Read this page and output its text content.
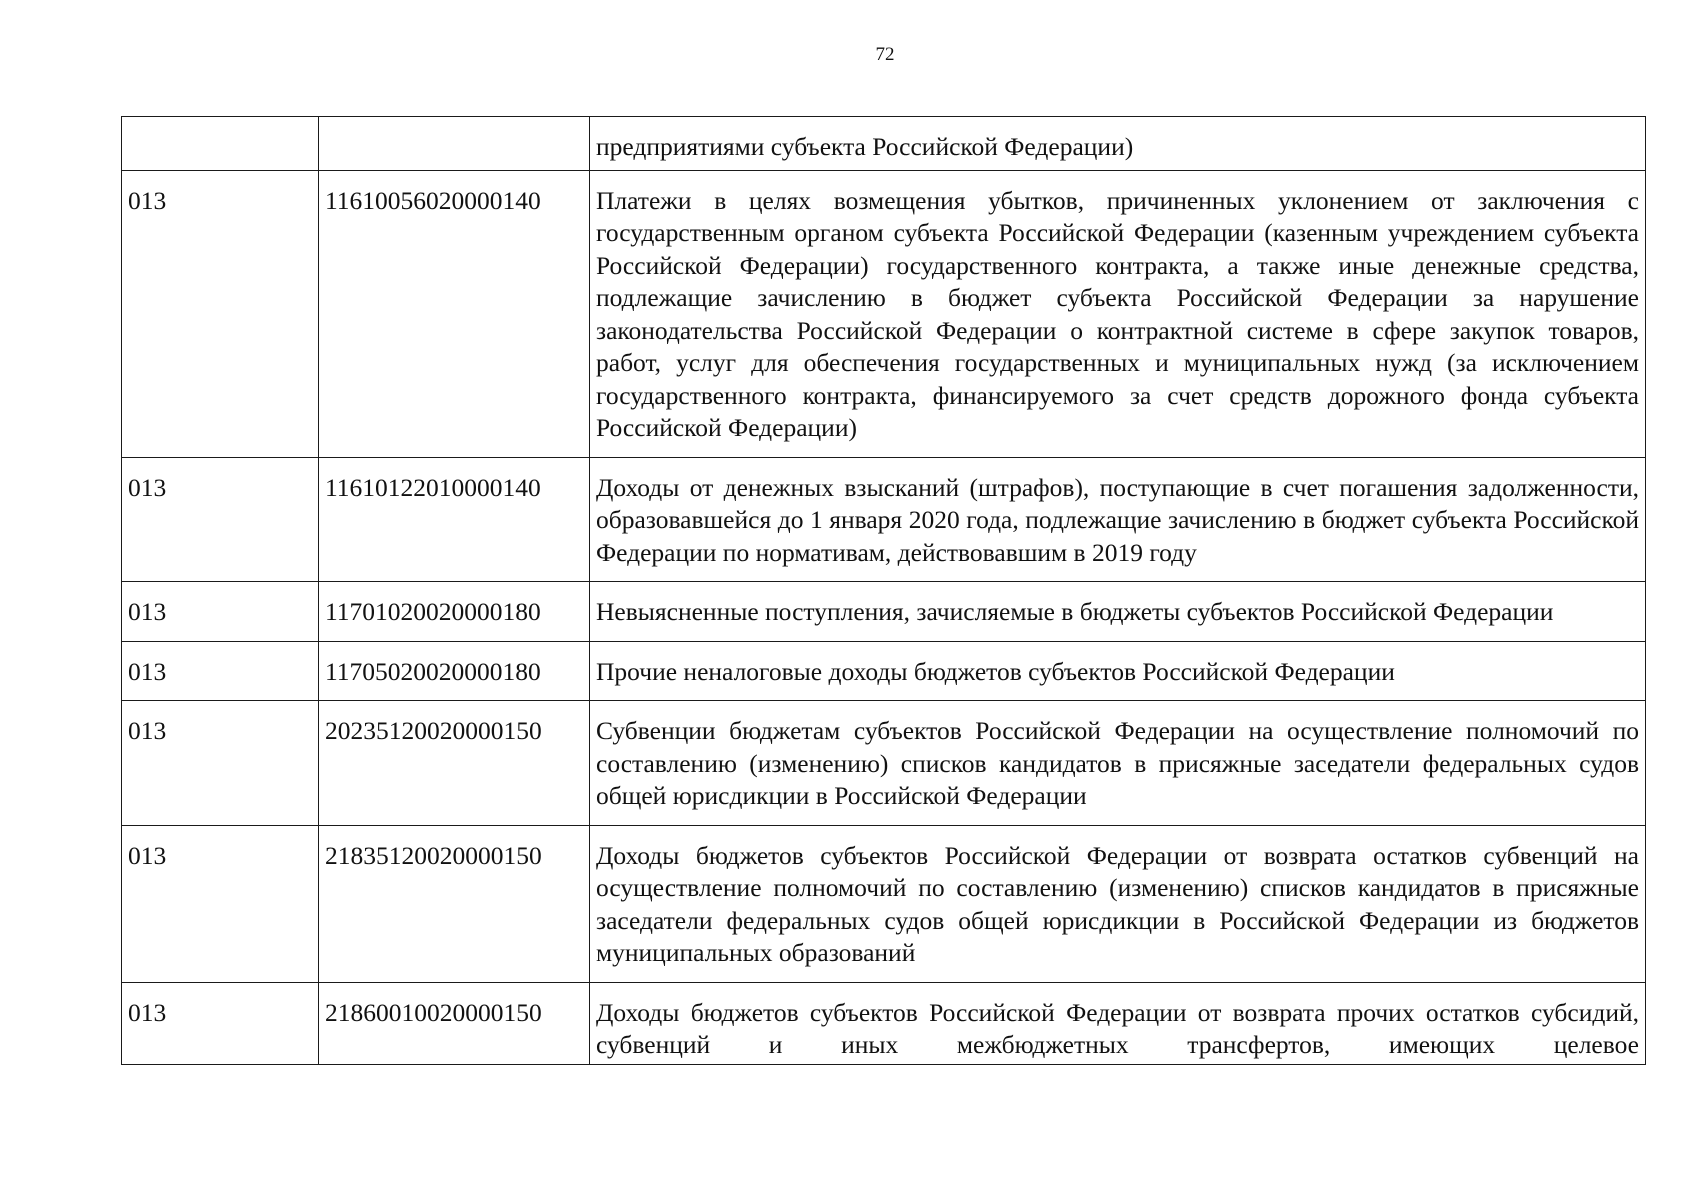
72
		предприятиями субъекта Российской Федерации)
013	11610056020000140	Платежи в целях возмещения убытков, причиненных уклонением от заключения с государственным органом субъекта Российской Федерации (казенным учреждением субъекта Российской Федерации) государственного контракта, а также иные денежные средства, подлежащие зачислению в бюджет субъекта Российской Федерации за нарушение законодательства Российской Федерации о контрактной системе в сфере закупок товаров, работ, услуг для обеспечения государственных и муниципальных нужд (за исключением государственного контракта, финансируемого за счет средств дорожного фонда субъекта Российской Федерации)
013	11610122010000140	Доходы от денежных взысканий (штрафов), поступающие в счет погашения задолженности, образовавшейся до 1 января 2020 года, подлежащие зачислению в бюджет субъекта Российской Федерации по нормативам, действовавшим в 2019 году
013	11701020020000180	Невыясненные поступления, зачисляемые в бюджеты субъектов Российской Федерации
013	11705020020000180	Прочие неналоговые доходы бюджетов субъектов Российской Федерации
013	20235120020000150	Субвенции бюджетам субъектов Российской Федерации на осуществление полномочий по составлению (изменению) списков кандидатов в присяжные заседатели федеральных судов общей юрисдикции в Российской Федерации
013	21835120020000150	Доходы бюджетов субъектов Российской Федерации от возврата остатков субвенций на осуществление полномочий по составлению (изменению) списков кандидатов в присяжные заседатели федеральных судов общей юрисдикции в Российской Федерации из бюджетов муниципальных образований
013	21860010020000150	Доходы бюджетов субъектов Российской Федерации от возврата прочих остатков субсидий, субвенций и иных межбюджетных трансфертов, имеющих целевое
